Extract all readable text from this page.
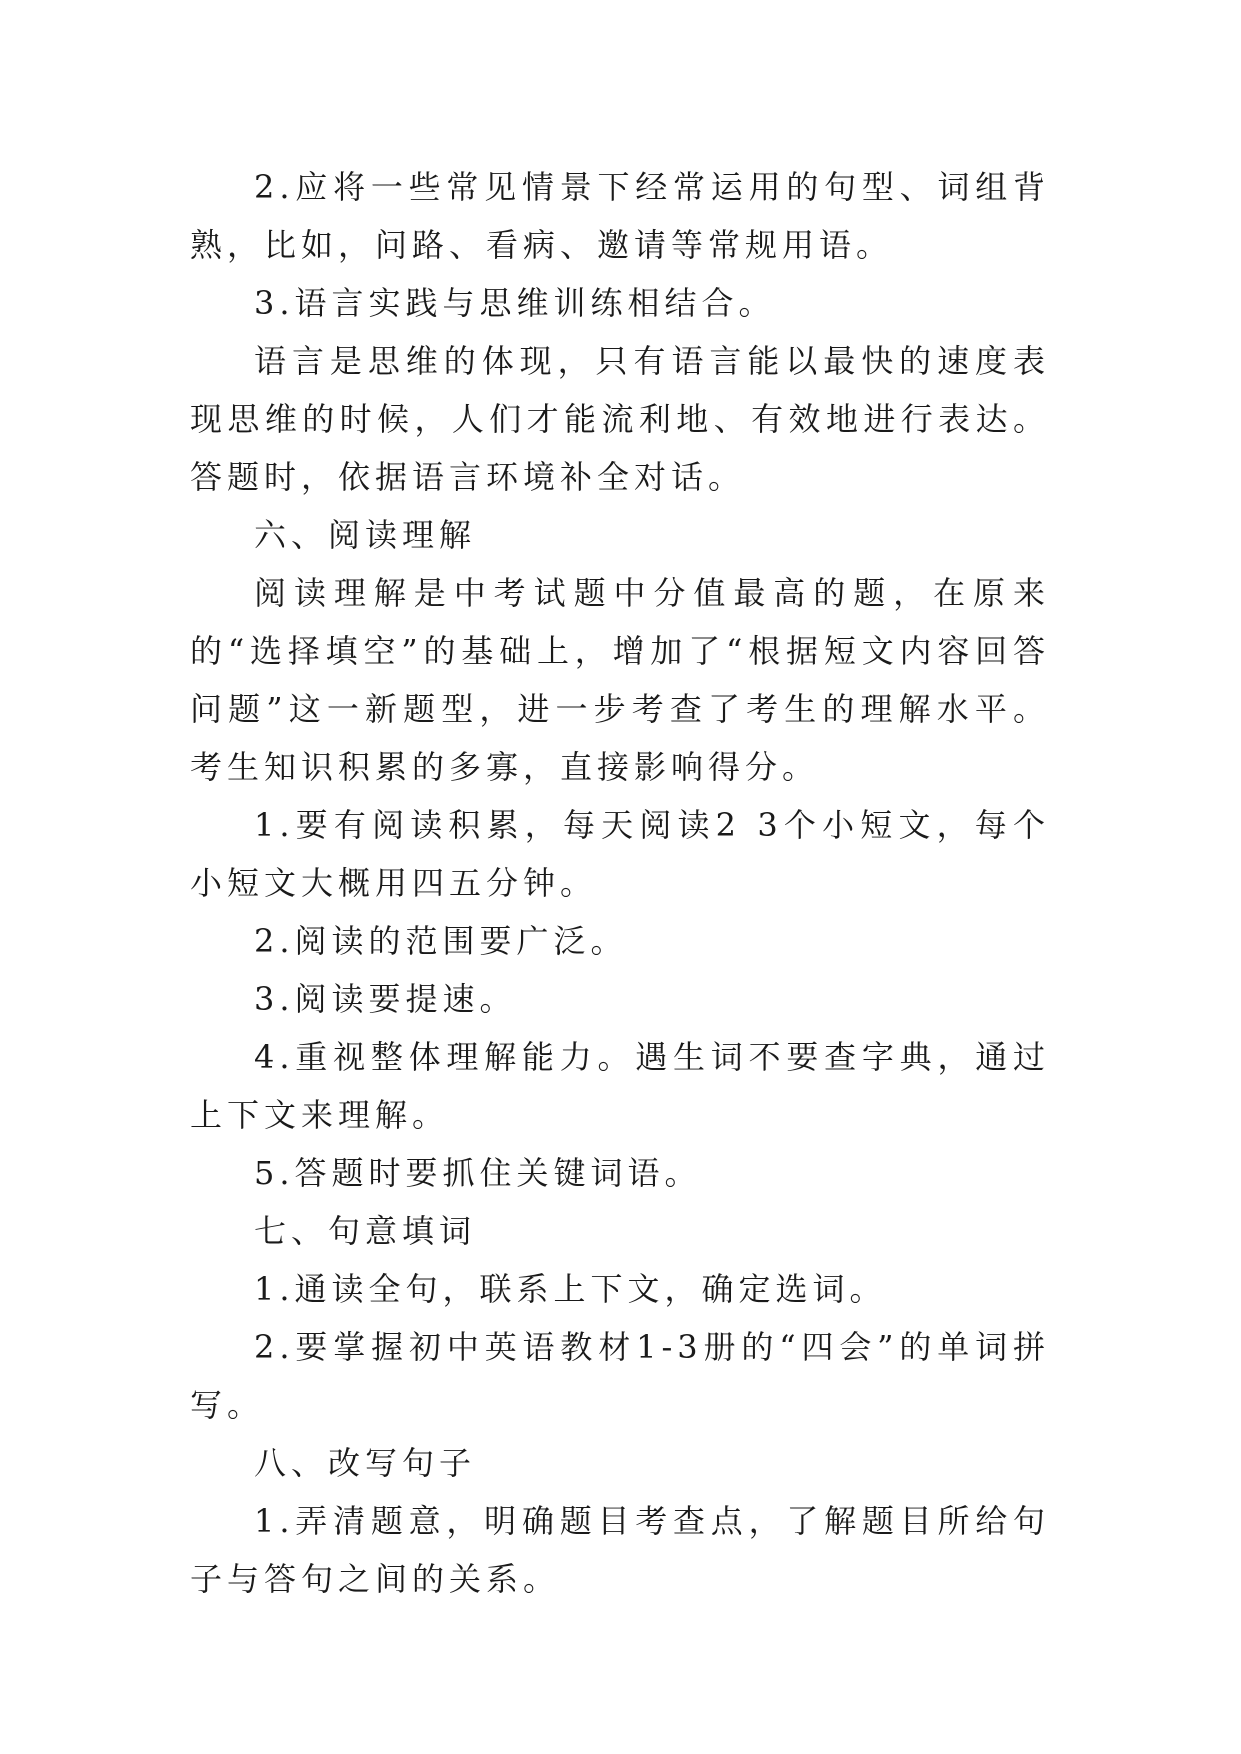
2.应将一些常见情景下经常运用的句型、词组背熟，比如，问路、看病、邀请等常规用语。

3.语言实践与思维训练相结合。

语言是思维的体现，只有语言能以最快的速度表现思维的时候，人们才能流利地、有效地进行表达。答题时，依据语言环境补全对话。

六、阅读理解

阅读理解是中考试题中分值最高的题，在原来的“选择填空”的基础上，增加了“根据短文内容回答问题”这一新题型，进一步考查了考生的理解水平。考生知识积累的多寡，直接影响得分。

1.要有阅读积累，每天阅读2 3个小短文，每个小短文大概用四五分钟。

2.阅读的范围要广泛。

3.阅读要提速。

4.重视整体理解能力。遇生词不要查字典，通过上下文来理解。

5.答题时要抓住关键词语。

七、句意填词

1.通读全句，联系上下文，确定选词。

2.要掌握初中英语教材1-3册的“四会”的单词拼写。

八、改写句子

1.弄清题意，明确题目考查点，了解题目所给句子与答句之间的关系。
